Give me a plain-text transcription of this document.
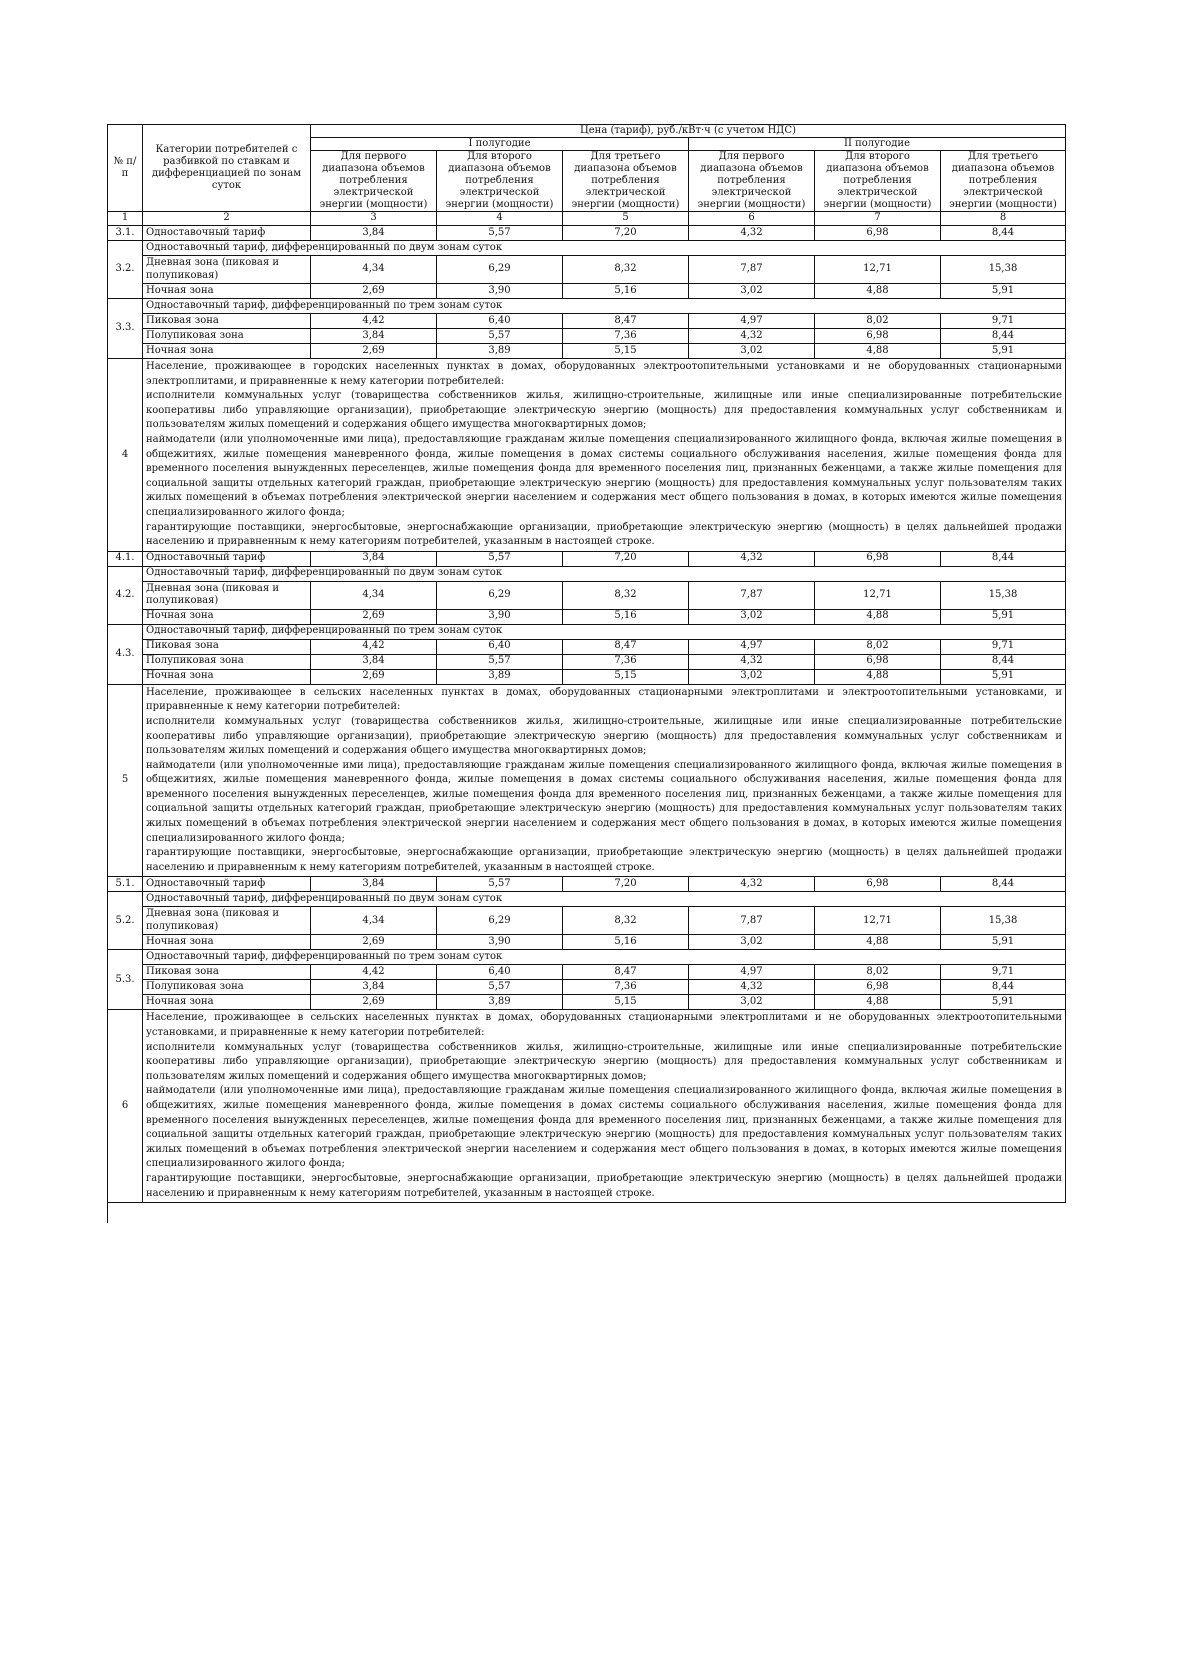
№ п/п	Категории потребителей с разбивкой по ставкам и дифференциацией по зонам суток	Цена (тариф), руб./кВт·ч (с учетом НДС)					
		I полугодие			II полугодие		
		Для первого диапазона объемов потребления электрической энергии (мощности)	Для второго диапазона объемов потребления электрической энергии (мощности)	Для третьего диапазона объемов потребления электрической энергии (мощности)	Для первого диапазона объемов потребления электрической энергии (мощности)	Для второго диапазона объемов потребления электрической энергии (мощности)	Для третьего диапазона объемов потребления электрической энергии (мощности)
1	2	3	4	5	6	7	8
3.1.	Одноставочный тариф	3,84	5,57	7,20	4,32	6,98	8,44
3.2.	Одноставочный тариф, дифференцированный по двум зонам суток						
	Дневная зона (пиковая и полупиковая)	4,34	6,29	8,32	7,87	12,71	15,38
	Ночная зона	2,69	3,90	5,16	3,02	4,88	5,91
3.3.	Одноставочный тариф, дифференцированный по трем зонам суток						
	Пиковая зона	4,42	6,40	8,47	4,97	8,02	9,71
	Полупиковая зона	3,84	5,57	7,36	4,32	6,98	8,44
	Ночная зона	2,69	3,89	5,15	3,02	4,88	5,91
4	Население, проживающее в городских населенных пунктах в домах, оборудованных электроотопительными установками и не оборудованных стационарными электроплитами, и приравненные к нему категории потребителей:

исполнители коммунальных услуг (товарищества собственников жилья, жилищно-строительные, жилищные или иные специализированные потребительские кооперативы либо управляющие организации), приобретающие электрическую энергию (мощность) для предоставления коммунальных услуг собственникам и пользователям жилых помещений и содержания общего имущества многоквартирных домов;

наймодатели (или уполномоченные ими лица), предоставляющие гражданам жилые помещения специализированного жилищного фонда, включая жилые помещения в общежитиях, жилые помещения маневренного фонда, жилые помещения в домах системы социального обслуживания населения, жилые помещения фонда для временного поселения вынужденных переселенцев, жилые помещения фонда для временного поселения лиц, признанных беженцами, а также жилые помещения для социальной защиты отдельных категорий граждан, приобретающие электрическую энергию (мощность) для предоставления коммунальных услуг пользователям таких жилых помещений в объемах потребления электрической энергии населением и содержания мест общего пользования в домах, в которых имеются жилые помещения специализированного жилого фонда;

гарантирующие поставщики, энергосбытовые, энергоснабжающие организации, приобретающие электрическую энергию (мощность) в целях дальнейшей продажи населению и приравненным к нему категориям потребителей, указанным в настоящей строке.						

4.1.	Одноставочный тариф	3,84	5,57	7,20	4,32	6,98	8,44
4.2.	Одноставочный тариф, дифференцированный по двум зонам суток						
	Дневная зона (пиковая и полупиковая)	4,34	6,29	8,32	7,87	12,71	15,38
	Ночная зона	2,69	3,90	5,16	3,02	4,88	5,91
4.3.	Одноставочный тариф, дифференцированный по трем зонам суток						
	Пиковая зона	4,42	6,40	8,47	4,97	8,02	9,71
	Полупиковая зона	3,84	5,57	7,36	4,32	6,98	8,44
	Ночная зона	2,69	3,89	5,15	3,02	4,88	5,91
5	Население, проживающее в сельских населенных пунктах в домах, оборудованных стационарными электроплитами и электроотопительными установками, и приравненные к нему категории потребителей:

исполнители коммунальных услуг (товарищества собственников жилья, жилищно-строительные, жилищные или иные специализированные потребительские кооперативы либо управляющие организации), приобретающие электрическую энергию (мощность) для предоставления коммунальных услуг собственникам и пользователям жилых помещений и содержания общего имущества многоквартирных домов;

наймодатели (или уполномоченные ими лица), предоставляющие гражданам жилые помещения специализированного жилищного фонда, включая жилые помещения в общежитиях, жилые помещения маневренного фонда, жилые помещения в домах системы социального обслуживания населения, жилые помещения фонда для временного поселения вынужденных переселенцев, жилые помещения фонда для временного поселения лиц, признанных беженцами, а также жилые помещения для социальной защиты отдельных категорий граждан, приобретающие электрическую энергию (мощность) для предоставления коммунальных услуг пользователям таких жилых помещений в объемах потребления электрической энергии населением и содержания мест общего пользования в домах, в которых имеются жилые помещения специализированного жилого фонда;

гарантирующие поставщики, энергосбытовые, энергоснабжающие организации, приобретающие электрическую энергию (мощность) в целях дальнейшей продажи населению и приравненным к нему категориям потребителей, указанным в настоящей строке.						

5.1.	Одноставочный тариф	3,84	5,57	7,20	4,32	6,98	8,44
5.2.	Одноставочный тариф, дифференцированный по двум зонам суток						
	Дневная зона (пиковая и полупиковая)	4,34	6,29	8,32	7,87	12,71	15,38
	Ночная зона	2,69	3,90	5,16	3,02	4,88	5,91
5.3.	Одноставочный тариф, дифференцированный по трем зонам суток						
	Пиковая зона	4,42	6,40	8,47	4,97	8,02	9,71
	Полупиковая зона	3,84	5,57	7,36	4,32	6,98	8,44
	Ночная зона	2,69	3,89	5,15	3,02	4,88	5,91
6	Население, проживающее в сельских населенных пунктах в домах, оборудованных стационарными электроплитами и не оборудованных электроотопительными установками, и приравненные к нему категории потребителей:

исполнители коммунальных услуг (товарищества собственников жилья, жилищно-строительные, жилищные или иные специализированные потребительские кооперативы либо управляющие организации), приобретающие электрическую энергию (мощность) для предоставления коммунальных услуг собственникам и пользователям жилых помещений и содержания общего имущества многоквартирных домов;

наймодатели (или уполномоченные ими лица), предоставляющие гражданам жилые помещения специализированного жилищного фонда, включая жилые помещения в общежитиях, жилые помещения маневренного фонда, жилые помещения в домах системы социального обслуживания населения, жилые помещения фонда для временного поселения вынужденных переселенцев, жилые помещения фонда для временного поселения лиц, признанных беженцами, а также жилые помещения для социальной защиты отдельных категорий граждан, приобретающие электрическую энергию (мощность) для предоставления коммунальных услуг пользователям таких жилых помещений в объемах потребления электрической энергии населением и содержания мест общего пользования в домах, в которых имеются жилые помещения специализированного жилого фонда;

гарантирующие поставщики, энергосбытовые, энергоснабжающие организации, приобретающие электрическую энергию (мощность) в целях дальнейшей продажи населению и приравненным к нему категориям потребителей, указанным в настоящей строке.						
